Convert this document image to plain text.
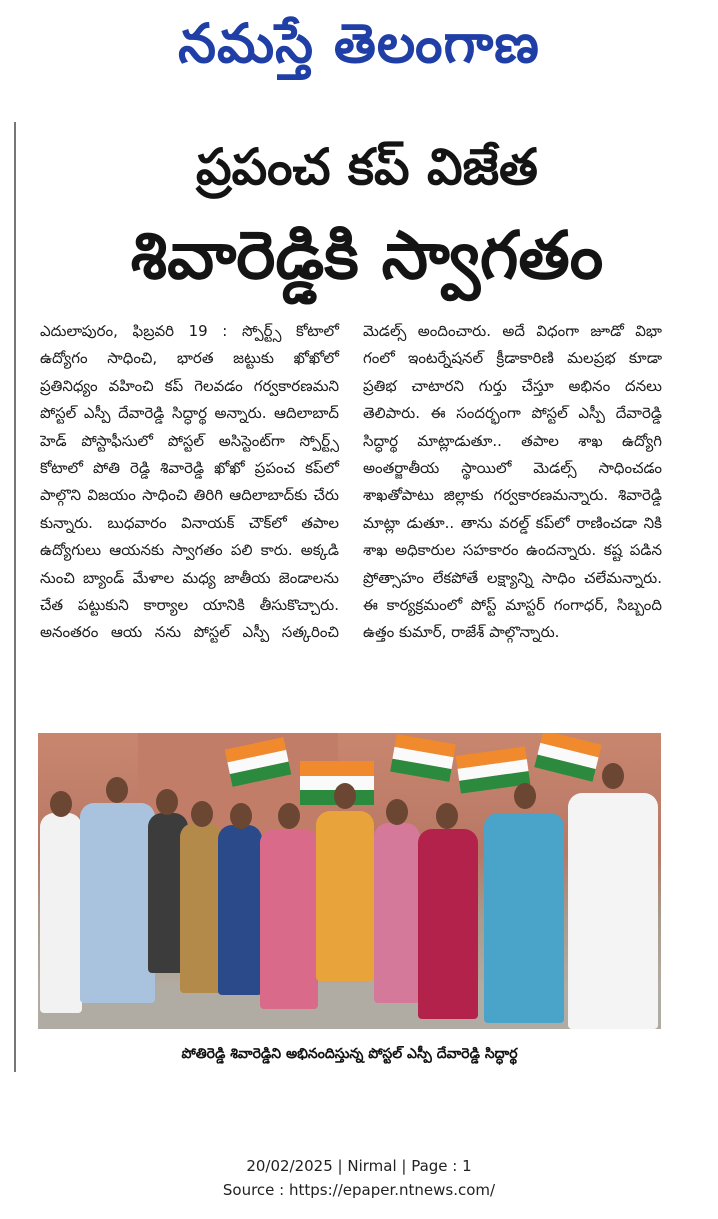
నమస్తే తెలంగాణ
ప్రపంచ కప్ విజేత
శివారెడ్డికి స్వాగతం
ఎదులాపురం, ఫిబ్రవరి 19 : స్పోర్ట్స్ కోటాలో ఉద్యోగం సాధించి, భారత జట్టుకు ఖోఖోలో ప్రతినిధ్యం వహించి కప్ గెలవడం గర్వకారణమని పోస్టల్ ఎస్పీ దేవారెడ్డి సిద్ధార్థ అన్నారు. ఆదిలాబాద్ హెడ్ పోస్టాఫీసులో పోస్టల్ అసిస్టెంట్‌గా స్పోర్ట్స్ కోటాలో పోతి రెడ్డి శివారెడ్డి ఖోఖో ప్రపంచ కప్‌లో పాల్గొని విజయం సాధించి తిరిగి ఆదిలాబాద్‌కు చేరు కున్నారు. బుధవారం వినాయక్ చౌక్‌లో తపాల ఉద్యోగులు ఆయనకు స్వాగతం పలి కారు. అక్కడి నుంచి బ్యాండ్ మేళాల మధ్య జాతీయ జెండాలను చేత పట్టుకుని కార్యాల యానికి తీసుకొచ్చారు. అనంతరం ఆయ నను పోస్టల్ ఎస్పీ సత్కరించి మెడల్స్ అందించారు. అదే విధంగా జూడో విభా గంలో ఇంటర్నేషనల్ క్రీడాకారిణి మలప్రభ కూడా ప్రతిభ చాటారని గుర్తు చేస్తూ అభినం దనలు తెలిపారు. ఈ సందర్భంగా పోస్టల్ ఎస్పీ దేవారెడ్డి సిద్ధార్థ మాట్లాడుతూ.. తపాల శాఖ ఉద్యోగి అంతర్జాతీయ స్థాయిలో మెడల్స్ సాధించడం శాఖతోపాటు జిల్లాకు గర్వకారణమన్నారు. శివారెడ్డి మాట్లా డుతూ.. తాను వరల్డ్ కప్‌లో రాణించడా నికి శాఖ అధికారుల సహకారం ఉందన్నారు. కష్ట పడిన ప్రోత్సాహం లేకపోతే లక్ష్యాన్ని సాధిం చలేమన్నారు. ఈ కార్యక్రమంలో పోస్ట్ మాస్టర్ గంగాధర్, సిబ్బంది ఉత్తం కుమార్, రాజేశ్ పాల్గొన్నారు.
పోతిరెడ్డి శివారెడ్డిని అభినందిస్తున్న పోస్టల్ ఎస్పీ దేవారెడ్డి సిద్ధార్థ
20/02/2025 | Nirmal | Page : 1
Source : https://epaper.ntnews.com/
